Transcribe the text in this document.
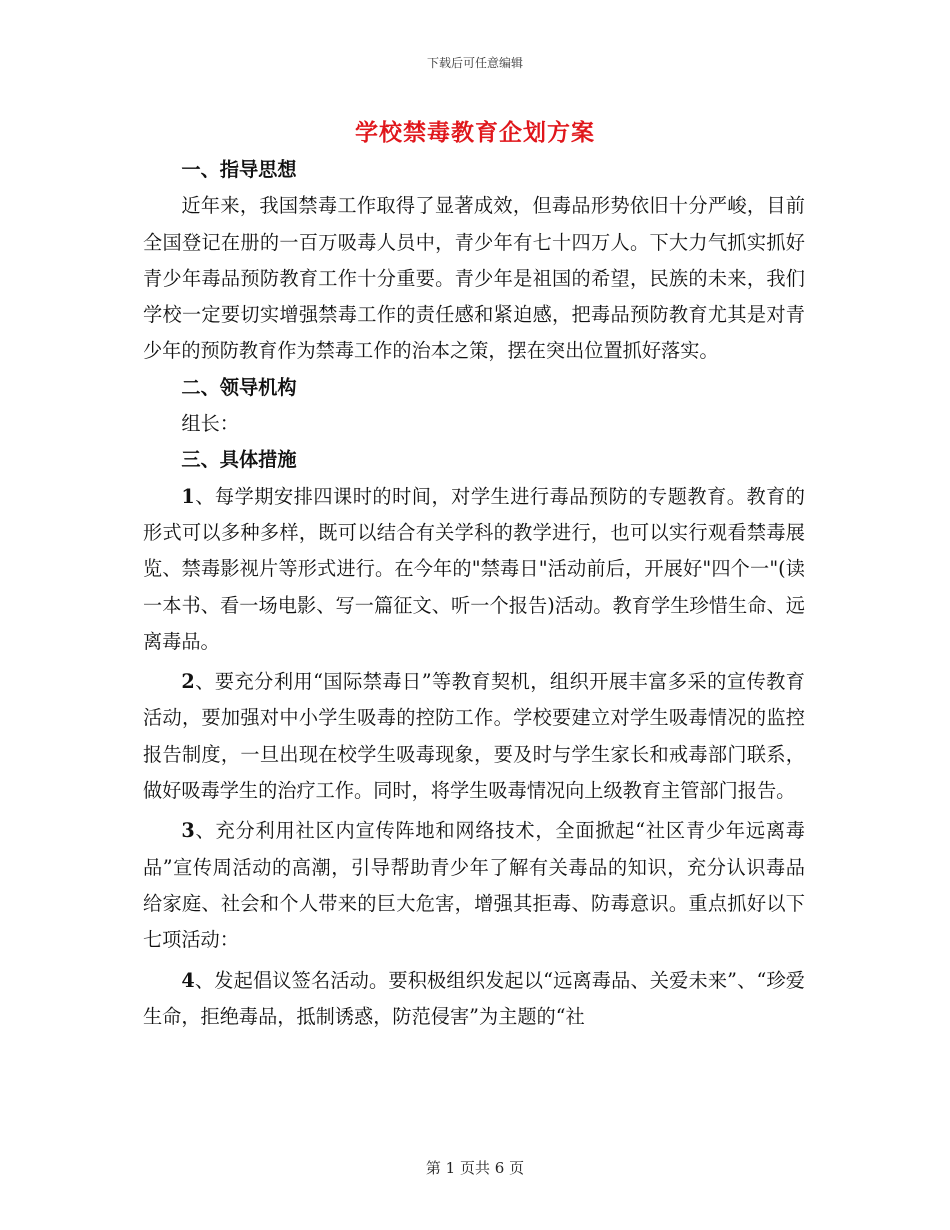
下载后可任意编辑
学校禁毒教育企划方案
一、指导思想

近年来，我国禁毒工作取得了显著成效，但毒品形势依旧十分严峻，目前全国登记在册的一百万吸毒人员中，青少年有七十四万人。下大力气抓实抓好青少年毒品预防教育工作十分重要。青少年是祖国的希望，民族的未来，我们学校一定要切实增强禁毒工作的责任感和紧迫感，把毒品预防教育尤其是对青少年的预防教育作为禁毒工作的治本之策，摆在突出位置抓好落实。

二、领导机构

组长：

三、具体措施

1、每学期安排四课时的时间，对学生进行毒品预防的专题教育。教育的形式可以多种多样，既可以结合有关学科的教学进行，也可以实行观看禁毒展览、禁毒影视片等形式进行。在今年的"禁毒日"活动前后，开展好"四个一"(读一本书、看一场电影、写一篇征文、听一个报告)活动。教育学生珍惜生命、远离毒品。

2、要充分利用“国际禁毒日”等教育契机，组织开展丰富多采的宣传教育活动，要加强对中小学生吸毒的控防工作。学校要建立对学生吸毒情况的监控报告制度，一旦出现在校学生吸毒现象，要及时与学生家长和戒毒部门联系，做好吸毒学生的治疗工作。同时，将学生吸毒情况向上级教育主管部门报告。

3、充分利用社区内宣传阵地和网络技术，全面掀起“社区青少年远离毒品”宣传周活动的高潮，引导帮助青少年了解有关毒品的知识，充分认识毒品给家庭、社会和个人带来的巨大危害，增强其拒毒、防毒意识。重点抓好以下七项活动：

4、发起倡议签名活动。要积极组织发起以“远离毒品、关爱未来”、“珍爱生命，拒绝毒品，抵制诱惑，防范侵害”为主题的“社

第 1 页共 6 页
